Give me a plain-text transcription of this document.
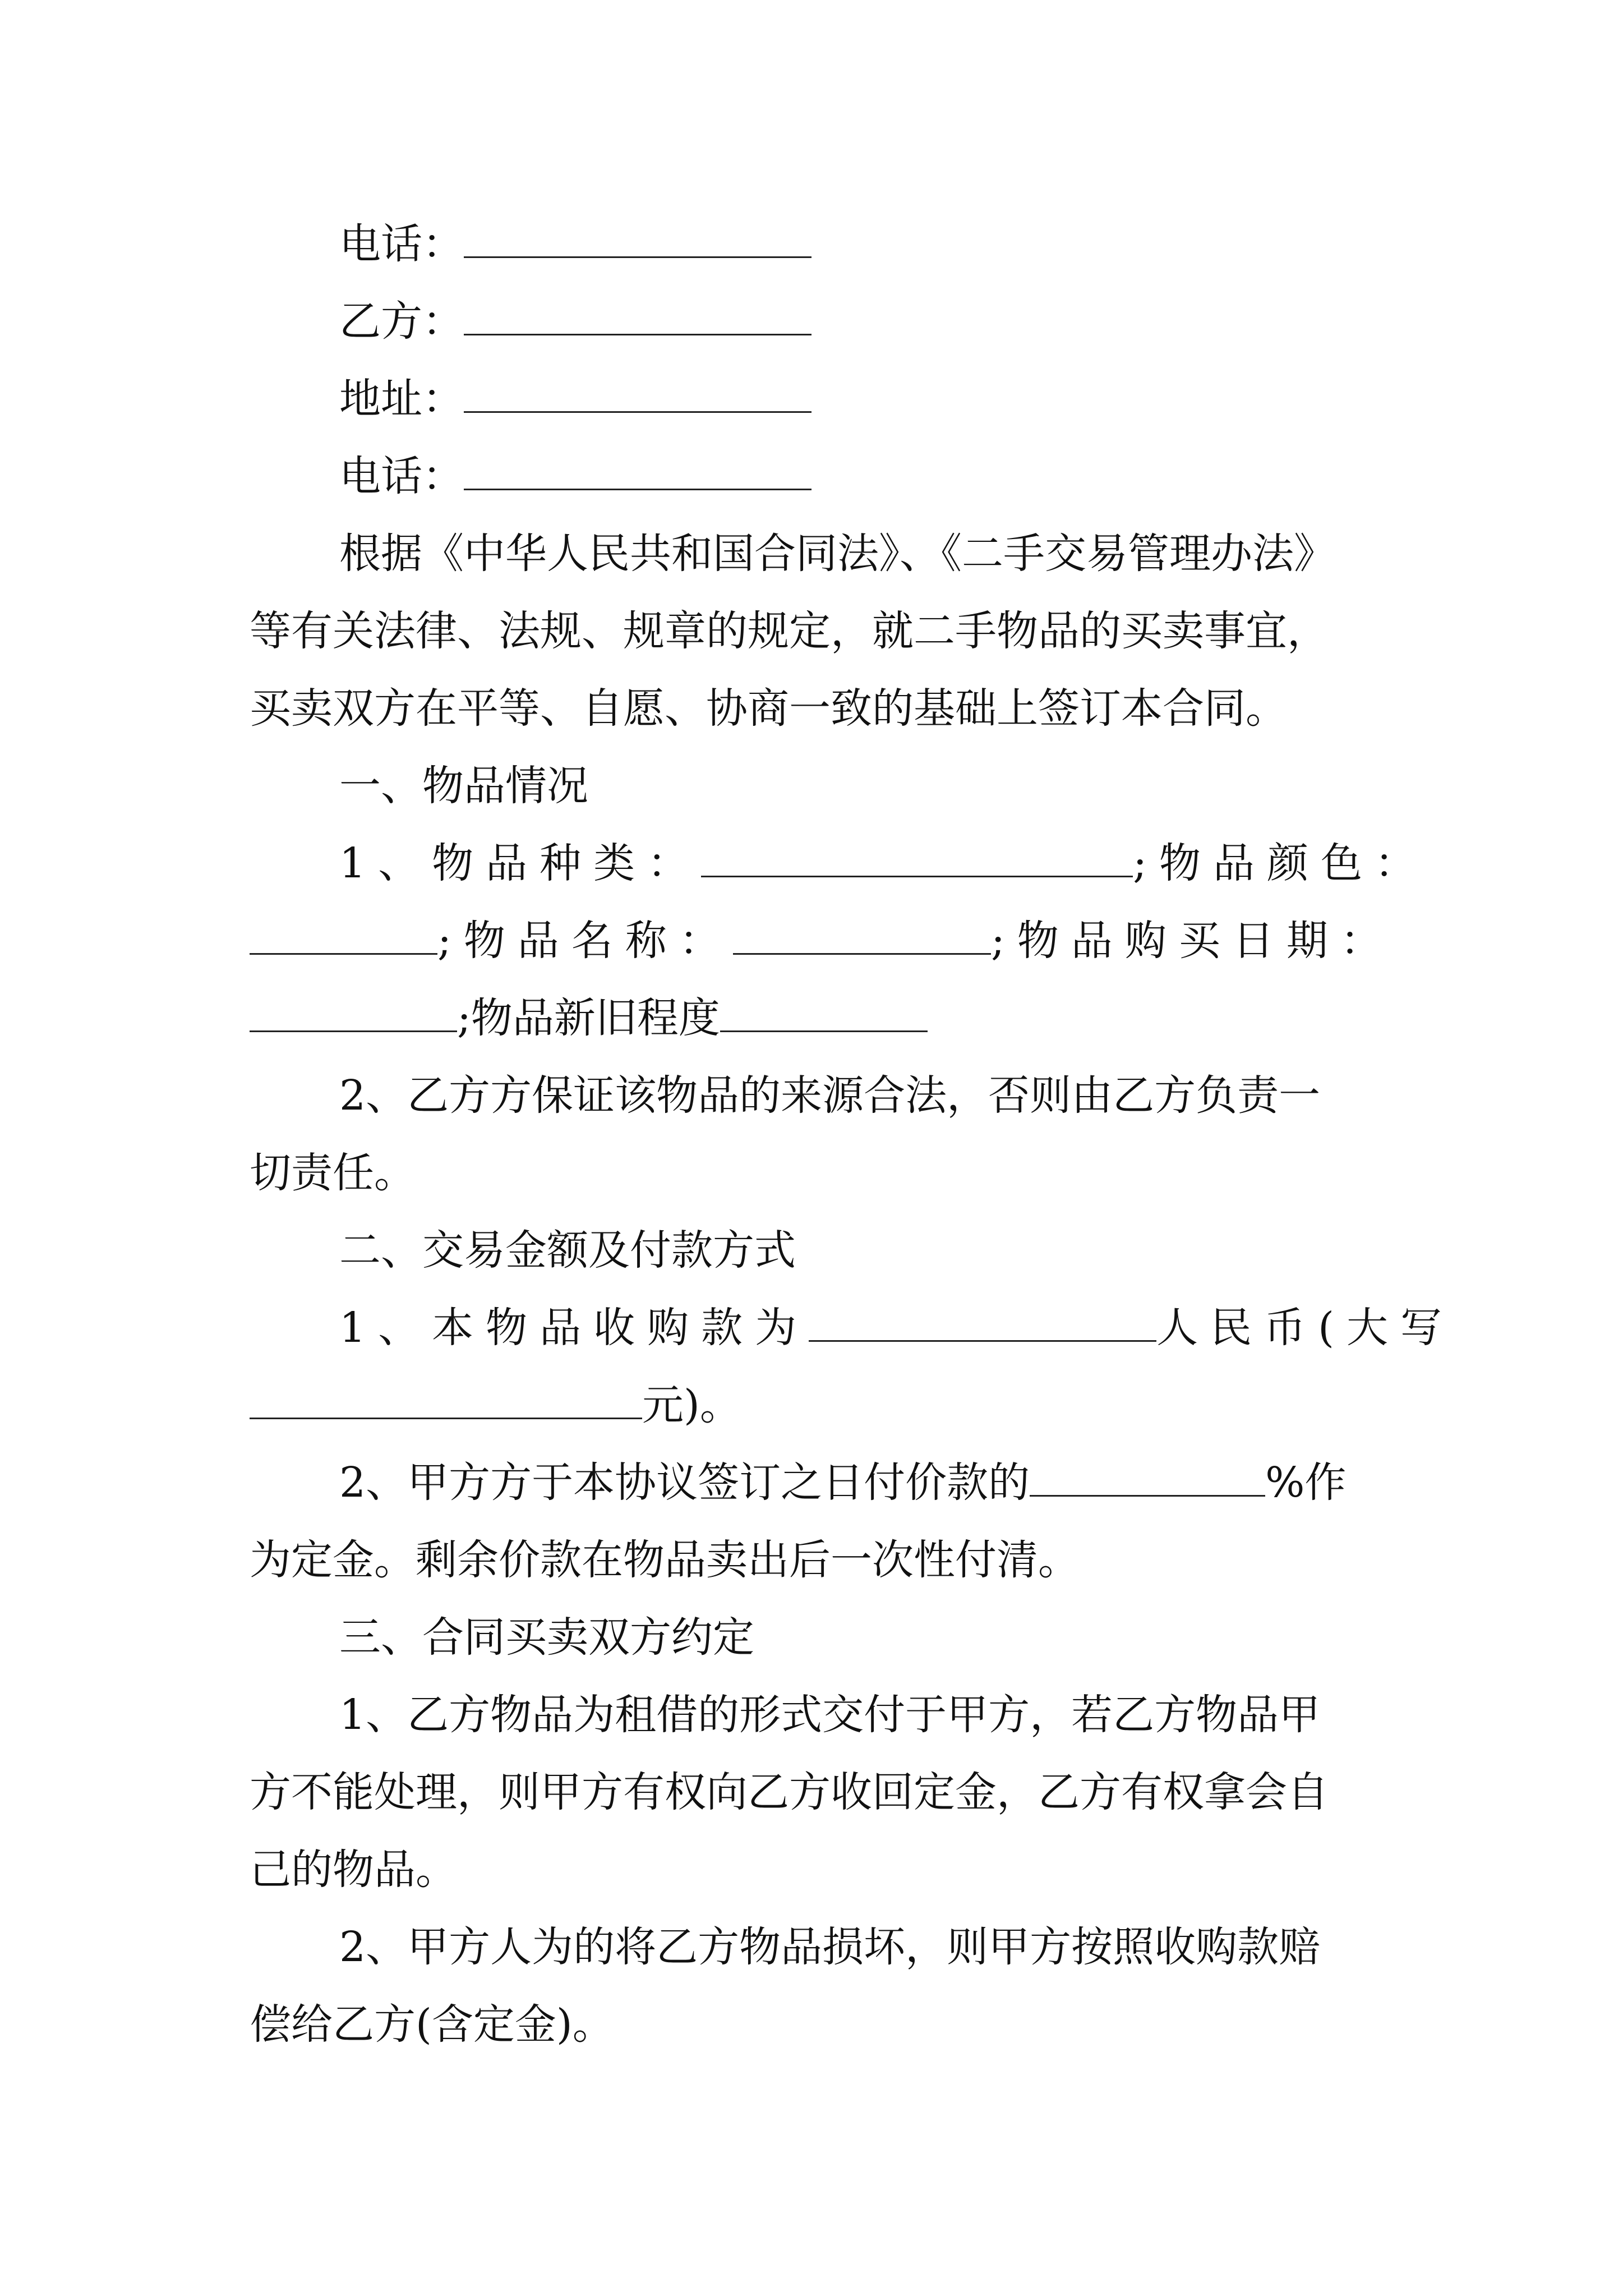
电话：
乙方：
地址：
电话：
根据《中华人民共和国合同法》、《二手交易管理办法》
等有关法律、法规、规章的规定，就二手物品的买卖事宜，
买卖双方在平等、自愿、协商一致的基础上签订本合同。
一、物品情况
1、物品种类：	;物品颜色：
;物品名称：	;物品购买日期：
;物品新旧程度
2、乙方方保证该物品的来源合法，否则由乙方负责一
切责任。
二、交易金额及付款方式
1、本物品收购款为	人民币(大写
元)。
2、甲方方于本协议签订之日付价款的	%作
为定金。剩余价款在物品卖出后一次性付清。
三、合同买卖双方约定
1、乙方物品为租借的形式交付于甲方，若乙方物品甲
方不能处理，则甲方有权向乙方收回定金，乙方有权拿会自
己的物品。
2、甲方人为的将乙方物品损坏，则甲方按照收购款赔
偿给乙方(含定金)。
